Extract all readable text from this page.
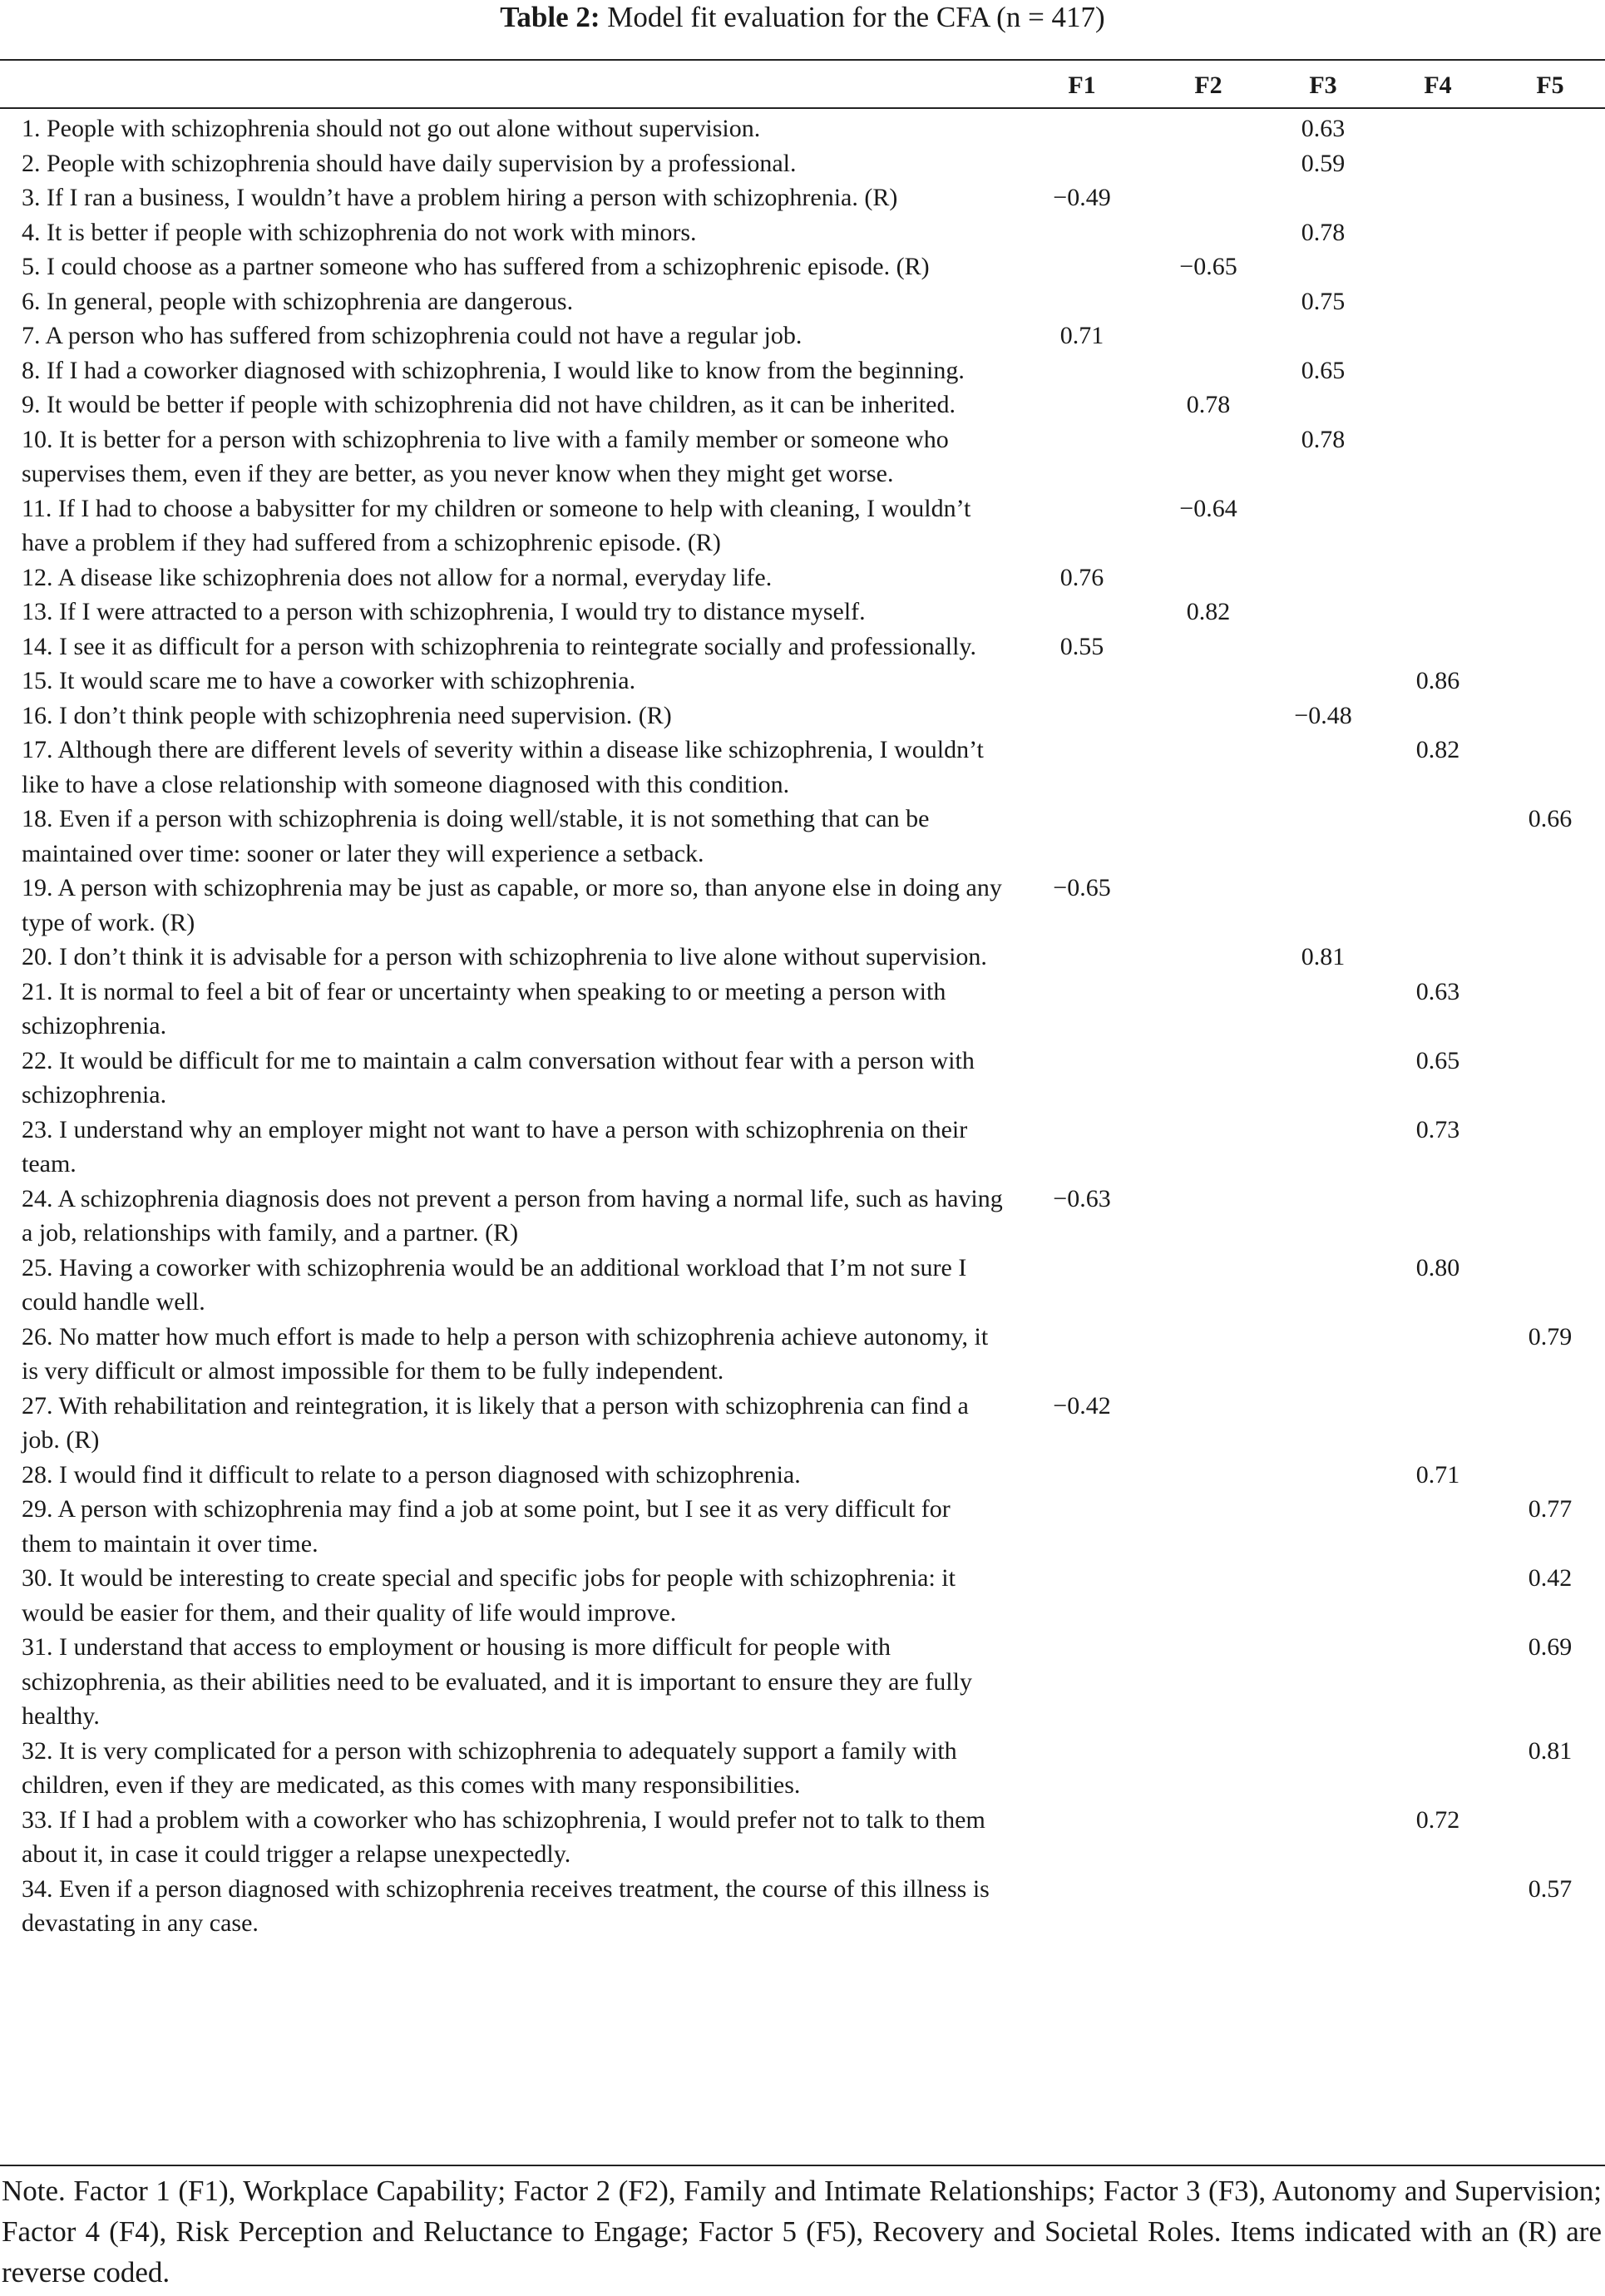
Table 2: Model fit evaluation for the CFA (n = 417)
	F1	F2	F3	F4	F5
1. People with schizophrenia should not go out alone without supervision.			0.63		
2. People with schizophrenia should have daily supervision by a professional.			0.59		
3. If I ran a business, I wouldn’t have a problem hiring a person with schizophrenia. (R)	−0.49				
4. It is better if people with schizophrenia do not work with minors.			0.78		
5. I could choose as a partner someone who has suffered from a schizophrenic episode. (R)		−0.65			
6. In general, people with schizophrenia are dangerous.			0.75		
7. A person who has suffered from schizophrenia could not have a regular job.	0.71				
8. If I had a coworker diagnosed with schizophrenia, I would like to know from the beginning.			0.65		
9. It would be better if people with schizophrenia did not have children, as it can be inherited.		0.78			
10. It is better for a person with schizophrenia to live with a family member or someone who supervises them, even if they are better, as you never know when they might get worse.			0.78		
11. If I had to choose a babysitter for my children or someone to help with cleaning, I wouldn’t have a problem if they had suffered from a schizophrenic episode. (R)		−0.64			
12. A disease like schizophrenia does not allow for a normal, everyday life.	0.76				
13. If I were attracted to a person with schizophrenia, I would try to distance myself.		0.82			
14. I see it as difficult for a person with schizophrenia to reintegrate socially and professionally.	0.55				
15. It would scare me to have a coworker with schizophrenia.				0.86	
16. I don’t think people with schizophrenia need supervision. (R)			−0.48		
17. Although there are different levels of severity within a disease like schizophrenia, I wouldn’t like to have a close relationship with someone diagnosed with this condition.				0.82	
18. Even if a person with schizophrenia is doing well/stable, it is not something that can be maintained over time: sooner or later they will experience a setback.					0.66
19. A person with schizophrenia may be just as capable, or more so, than anyone else in doing any type of work. (R)	−0.65				
20. I don’t think it is advisable for a person with schizophrenia to live alone without supervision.			0.81		
21. It is normal to feel a bit of fear or uncertainty when speaking to or meeting a person with schizophrenia.				0.63	
22. It would be difficult for me to maintain a calm conversation without fear with a person with schizophrenia.				0.65	
23. I understand why an employer might not want to have a person with schizophrenia on their team.				0.73	
24. A schizophrenia diagnosis does not prevent a person from having a normal life, such as having a job, relationships with family, and a partner. (R)	−0.63				
25. Having a coworker with schizophrenia would be an additional workload that I’m not sure I could handle well.				0.80	
26. No matter how much effort is made to help a person with schizophrenia achieve autonomy, it is very difficult or almost impossible for them to be fully independent.					0.79
27. With rehabilitation and reintegration, it is likely that a person with schizophrenia can find a job. (R)	−0.42				
28. I would find it difficult to relate to a person diagnosed with schizophrenia.				0.71	
29. A person with schizophrenia may find a job at some point, but I see it as very difficult for them to maintain it over time.					0.77
30. It would be interesting to create special and specific jobs for people with schizophrenia: it would be easier for them, and their quality of life would improve.					0.42
31. I understand that access to employment or housing is more difficult for people with schizophrenia, as their abilities need to be evaluated, and it is important to ensure they are fully healthy.					0.69
32. It is very complicated for a person with schizophrenia to adequately support a family with children, even if they are medicated, as this comes with many responsibilities.					0.81
33. If I had a problem with a coworker who has schizophrenia, I would prefer not to talk to them about it, in case it could trigger a relapse unexpectedly.				0.72	
34. Even if a person diagnosed with schizophrenia receives treatment, the course of this illness is devastating in any case.					0.57
Note. Factor 1 (F1), Workplace Capability; Factor 2 (F2), Family and Intimate Relationships; Factor 3 (F3), Autonomy and Supervision; Factor 4 (F4), Risk Perception and Reluctance to Engage; Factor 5 (F5), Recovery and Societal Roles. Items indicated with an (R) are reverse coded.
